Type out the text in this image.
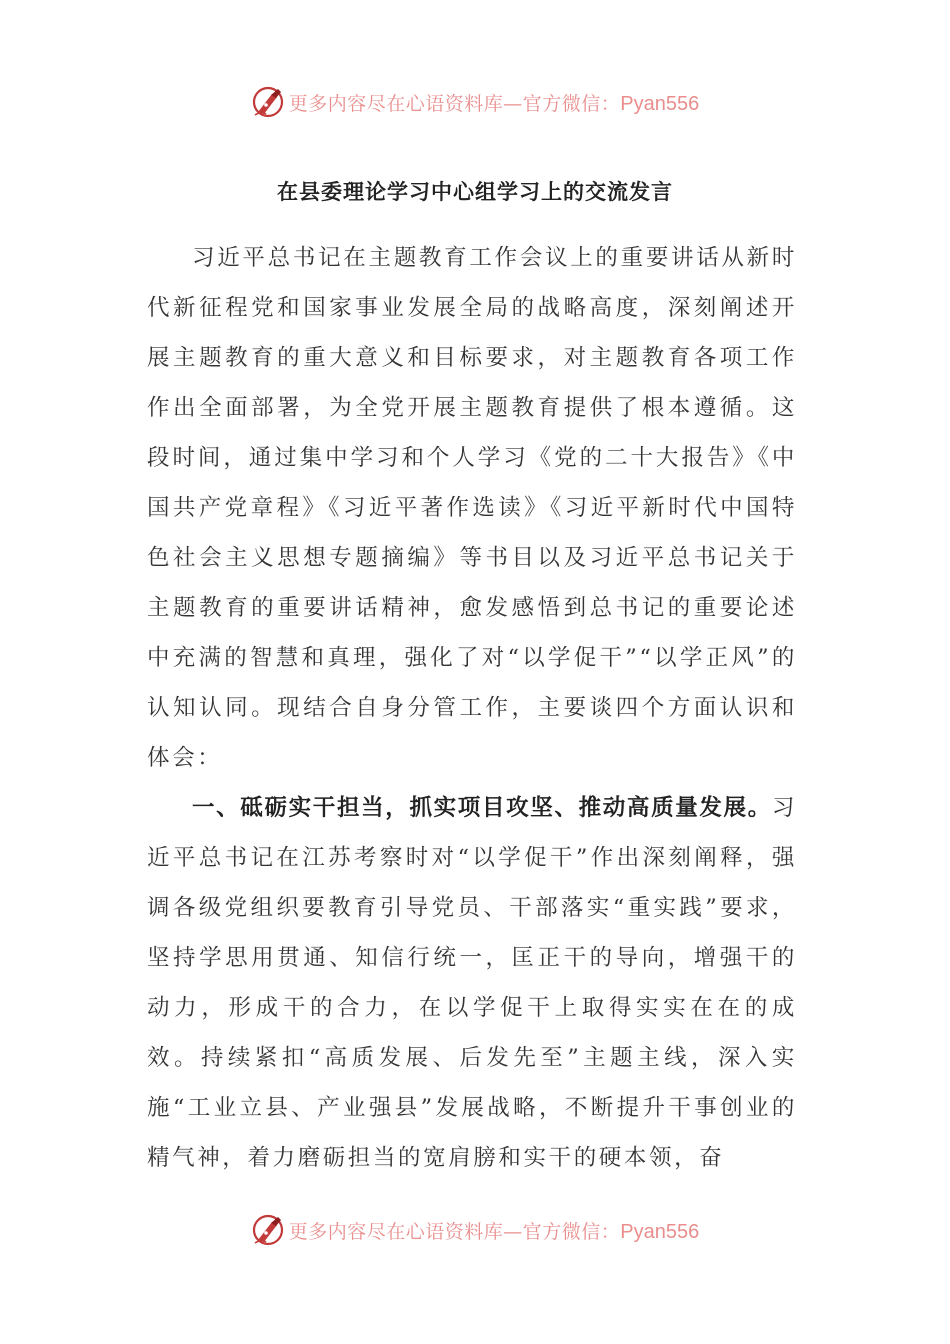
更多内容尽在心语资料库—官方微信：Pyan556
在县委理论学习中心组学习上的交流发言

习近平总书记在主题教育工作会议上的重要讲话从新时代新征程党和国家事业发展全局的战略高度，深刻阐述开展主题教育的重大意义和目标要求，对主题教育各项工作作出全面部署，为全党开展主题教育提供了根本遵循。这段时间，通过集中学习和个人学习《党的二十大报告》《中国共产党章程》《习近平著作选读》《习近平新时代中国特色社会主义思想专题摘编》等书目以及习近平总书记关于主题教育的重要讲话精神，愈发感悟到总书记的重要论述中充满的智慧和真理，强化了对“以学促干”“以学正风”的认知认同。现结合自身分管工作，主要谈四个方面认识和体会：

一、砥砺实干担当，抓实项目攻坚、推动高质量发展。习近平总书记在江苏考察时对“以学促干”作出深刻阐释，强调各级党组织要教育引导党员、干部落实“重实践”要求，坚持学思用贯通、知信行统一，匡正干的导向，增强干的动力，形成干的合力，在以学促干上取得实实在在的成效。持续紧扣“高质发展、后发先至”主题主线，深入实施“工业立县、产业强县”发展战略，不断提升干事创业的精气神，着力磨砺担当的宽肩膀和实干的硬本领，奋

更多内容尽在心语资料库—官方微信：Pyan556
